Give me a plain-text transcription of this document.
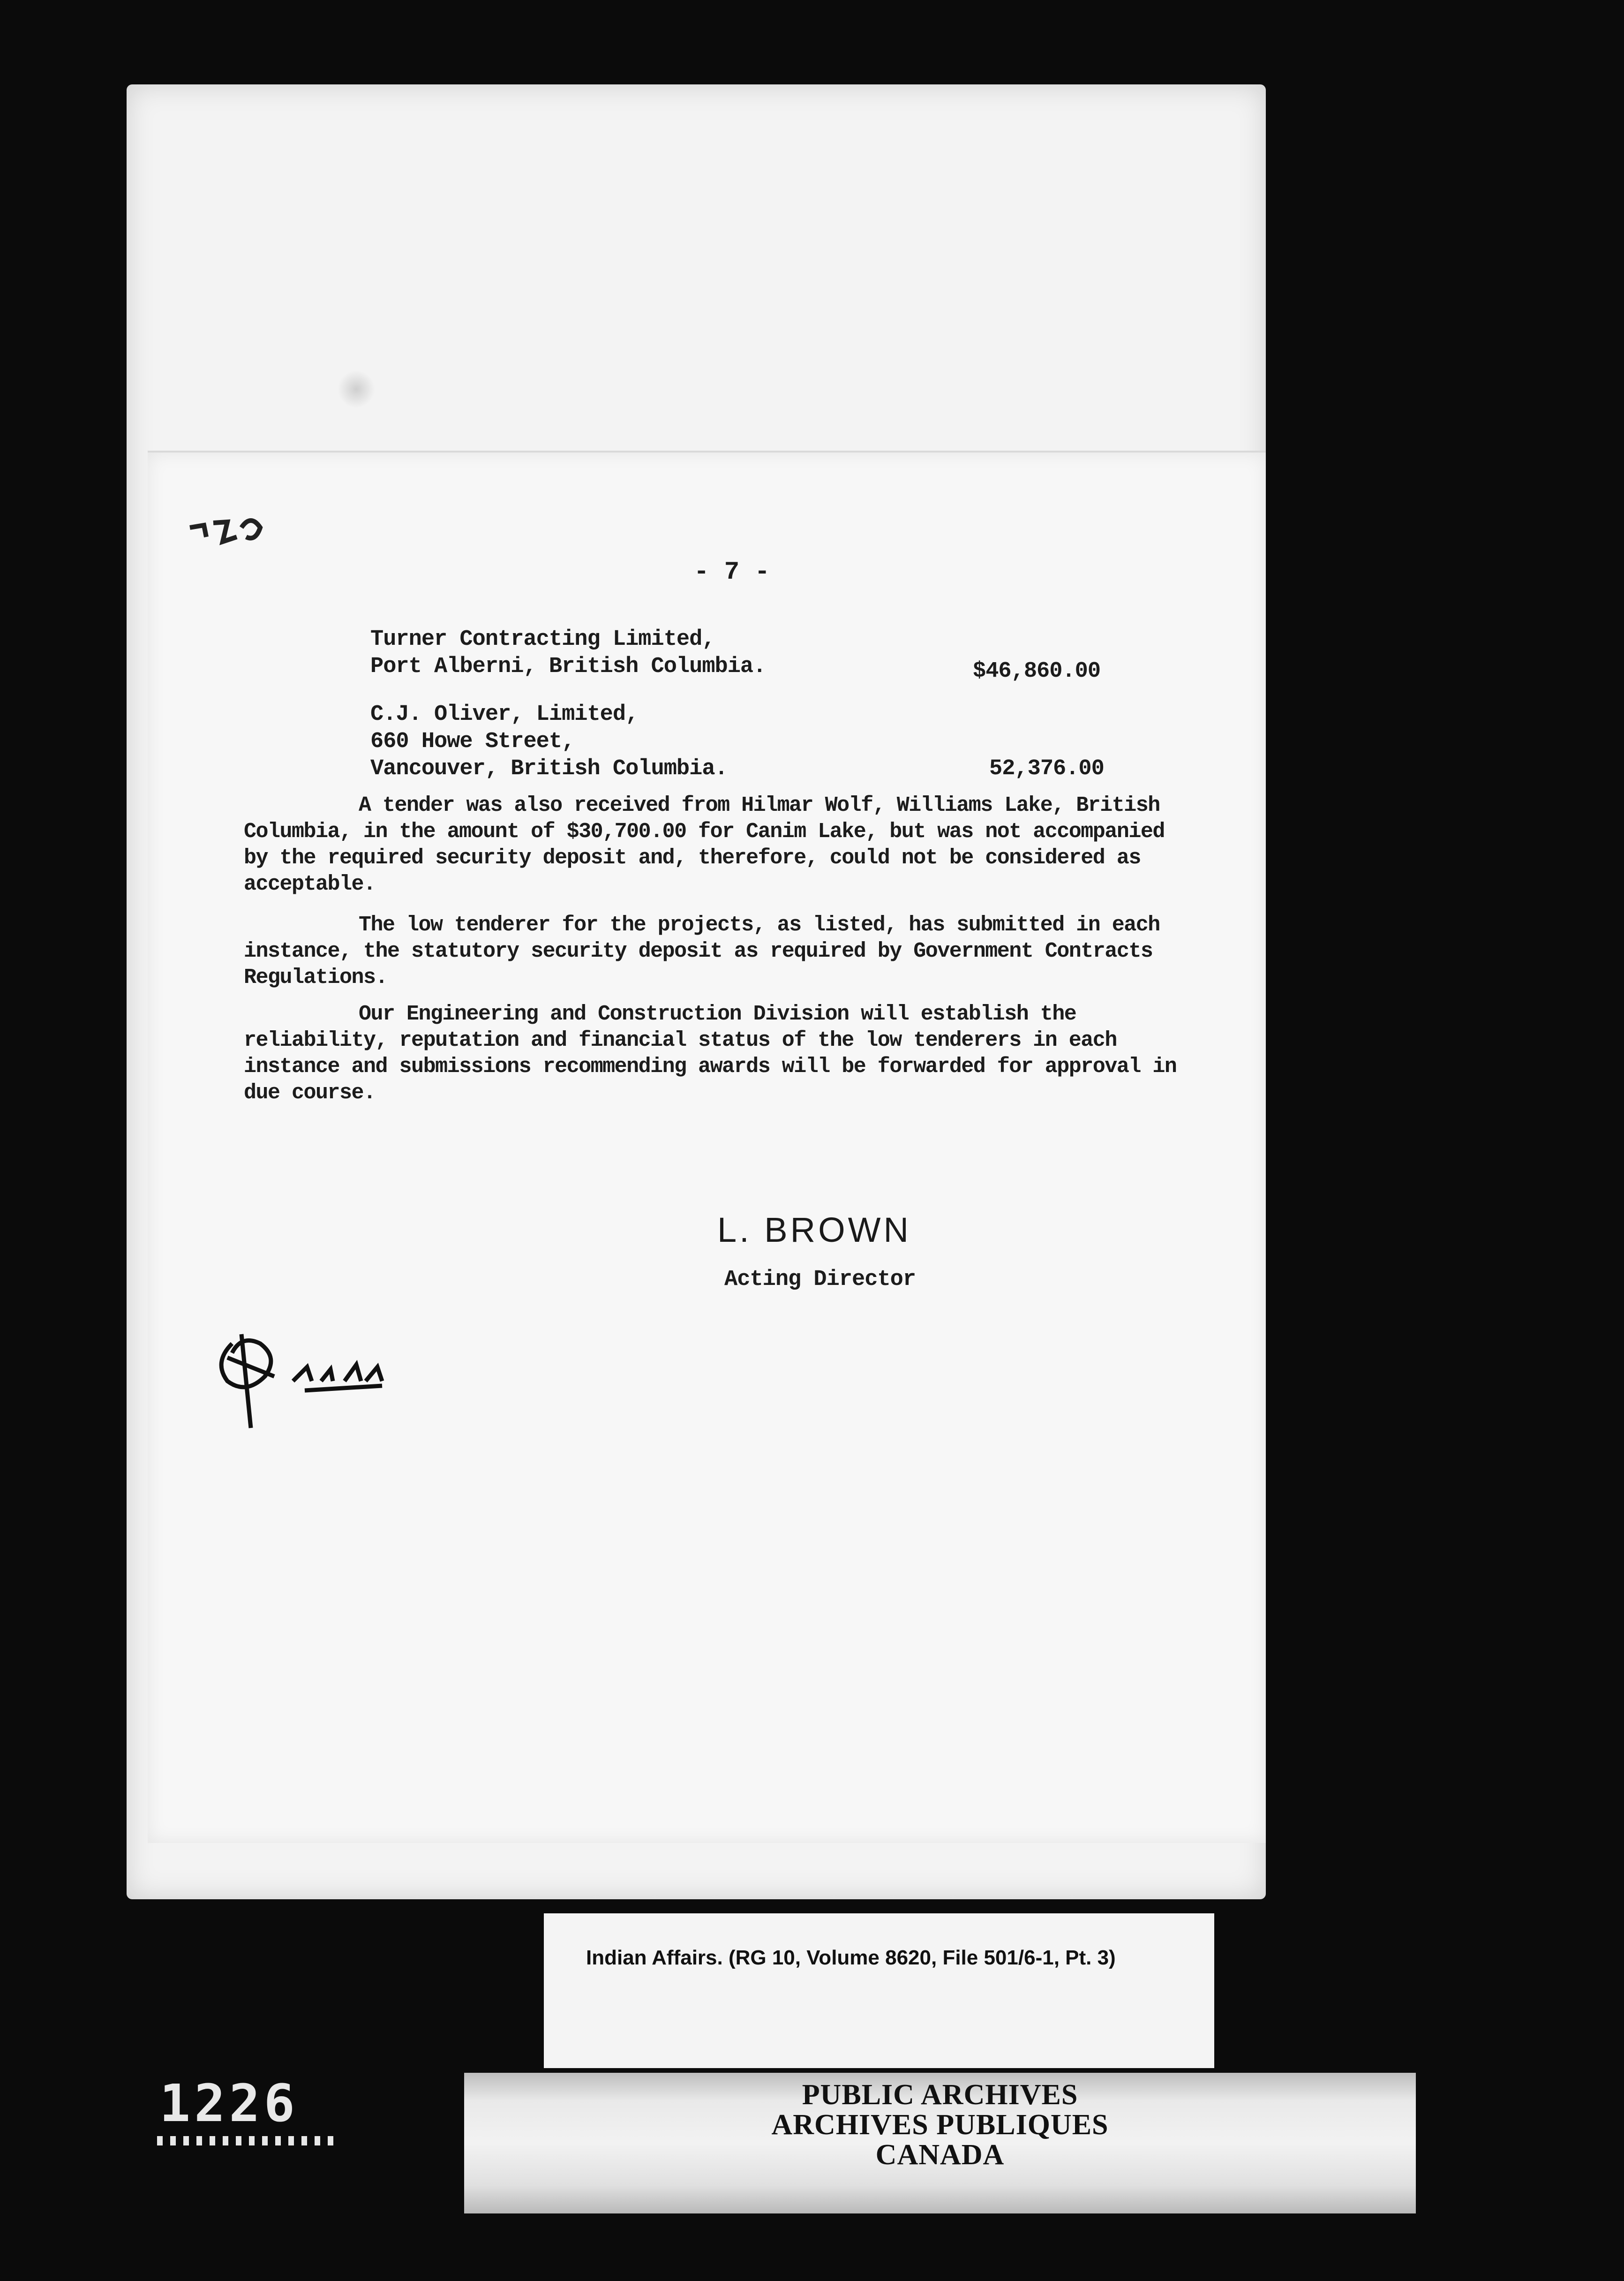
- 7 -
Turner Contracting Limited,
Port Alberni, British Columbia.	$46,860.00
C.J. Oliver, Limited,
660 Howe Street,
Vancouver, British Columbia.	52,376.00
A tender was also received from Hilmar Wolf, Williams Lake, British Columbia, in the amount of $30,700.00 for Canim Lake, but was not accompanied by the required security deposit and, therefore, could not be considered as acceptable.
The low tenderer for the projects, as listed, has submitted in each instance, the statutory security deposit as required by Government Contracts Regulations.
Our Engineering and Construction Division will establish the reliability, reputation and financial status of the low tenderers in each instance and submissions recommending awards will be forwarded for approval in due course.
L. BROWN
Acting Director
Indian Affairs. (RG 10, Volume 8620, File 501/6-1, Pt. 3)
PUBLIC ARCHIVES
ARCHIVES PUBLIQUES
CANADA
1226
